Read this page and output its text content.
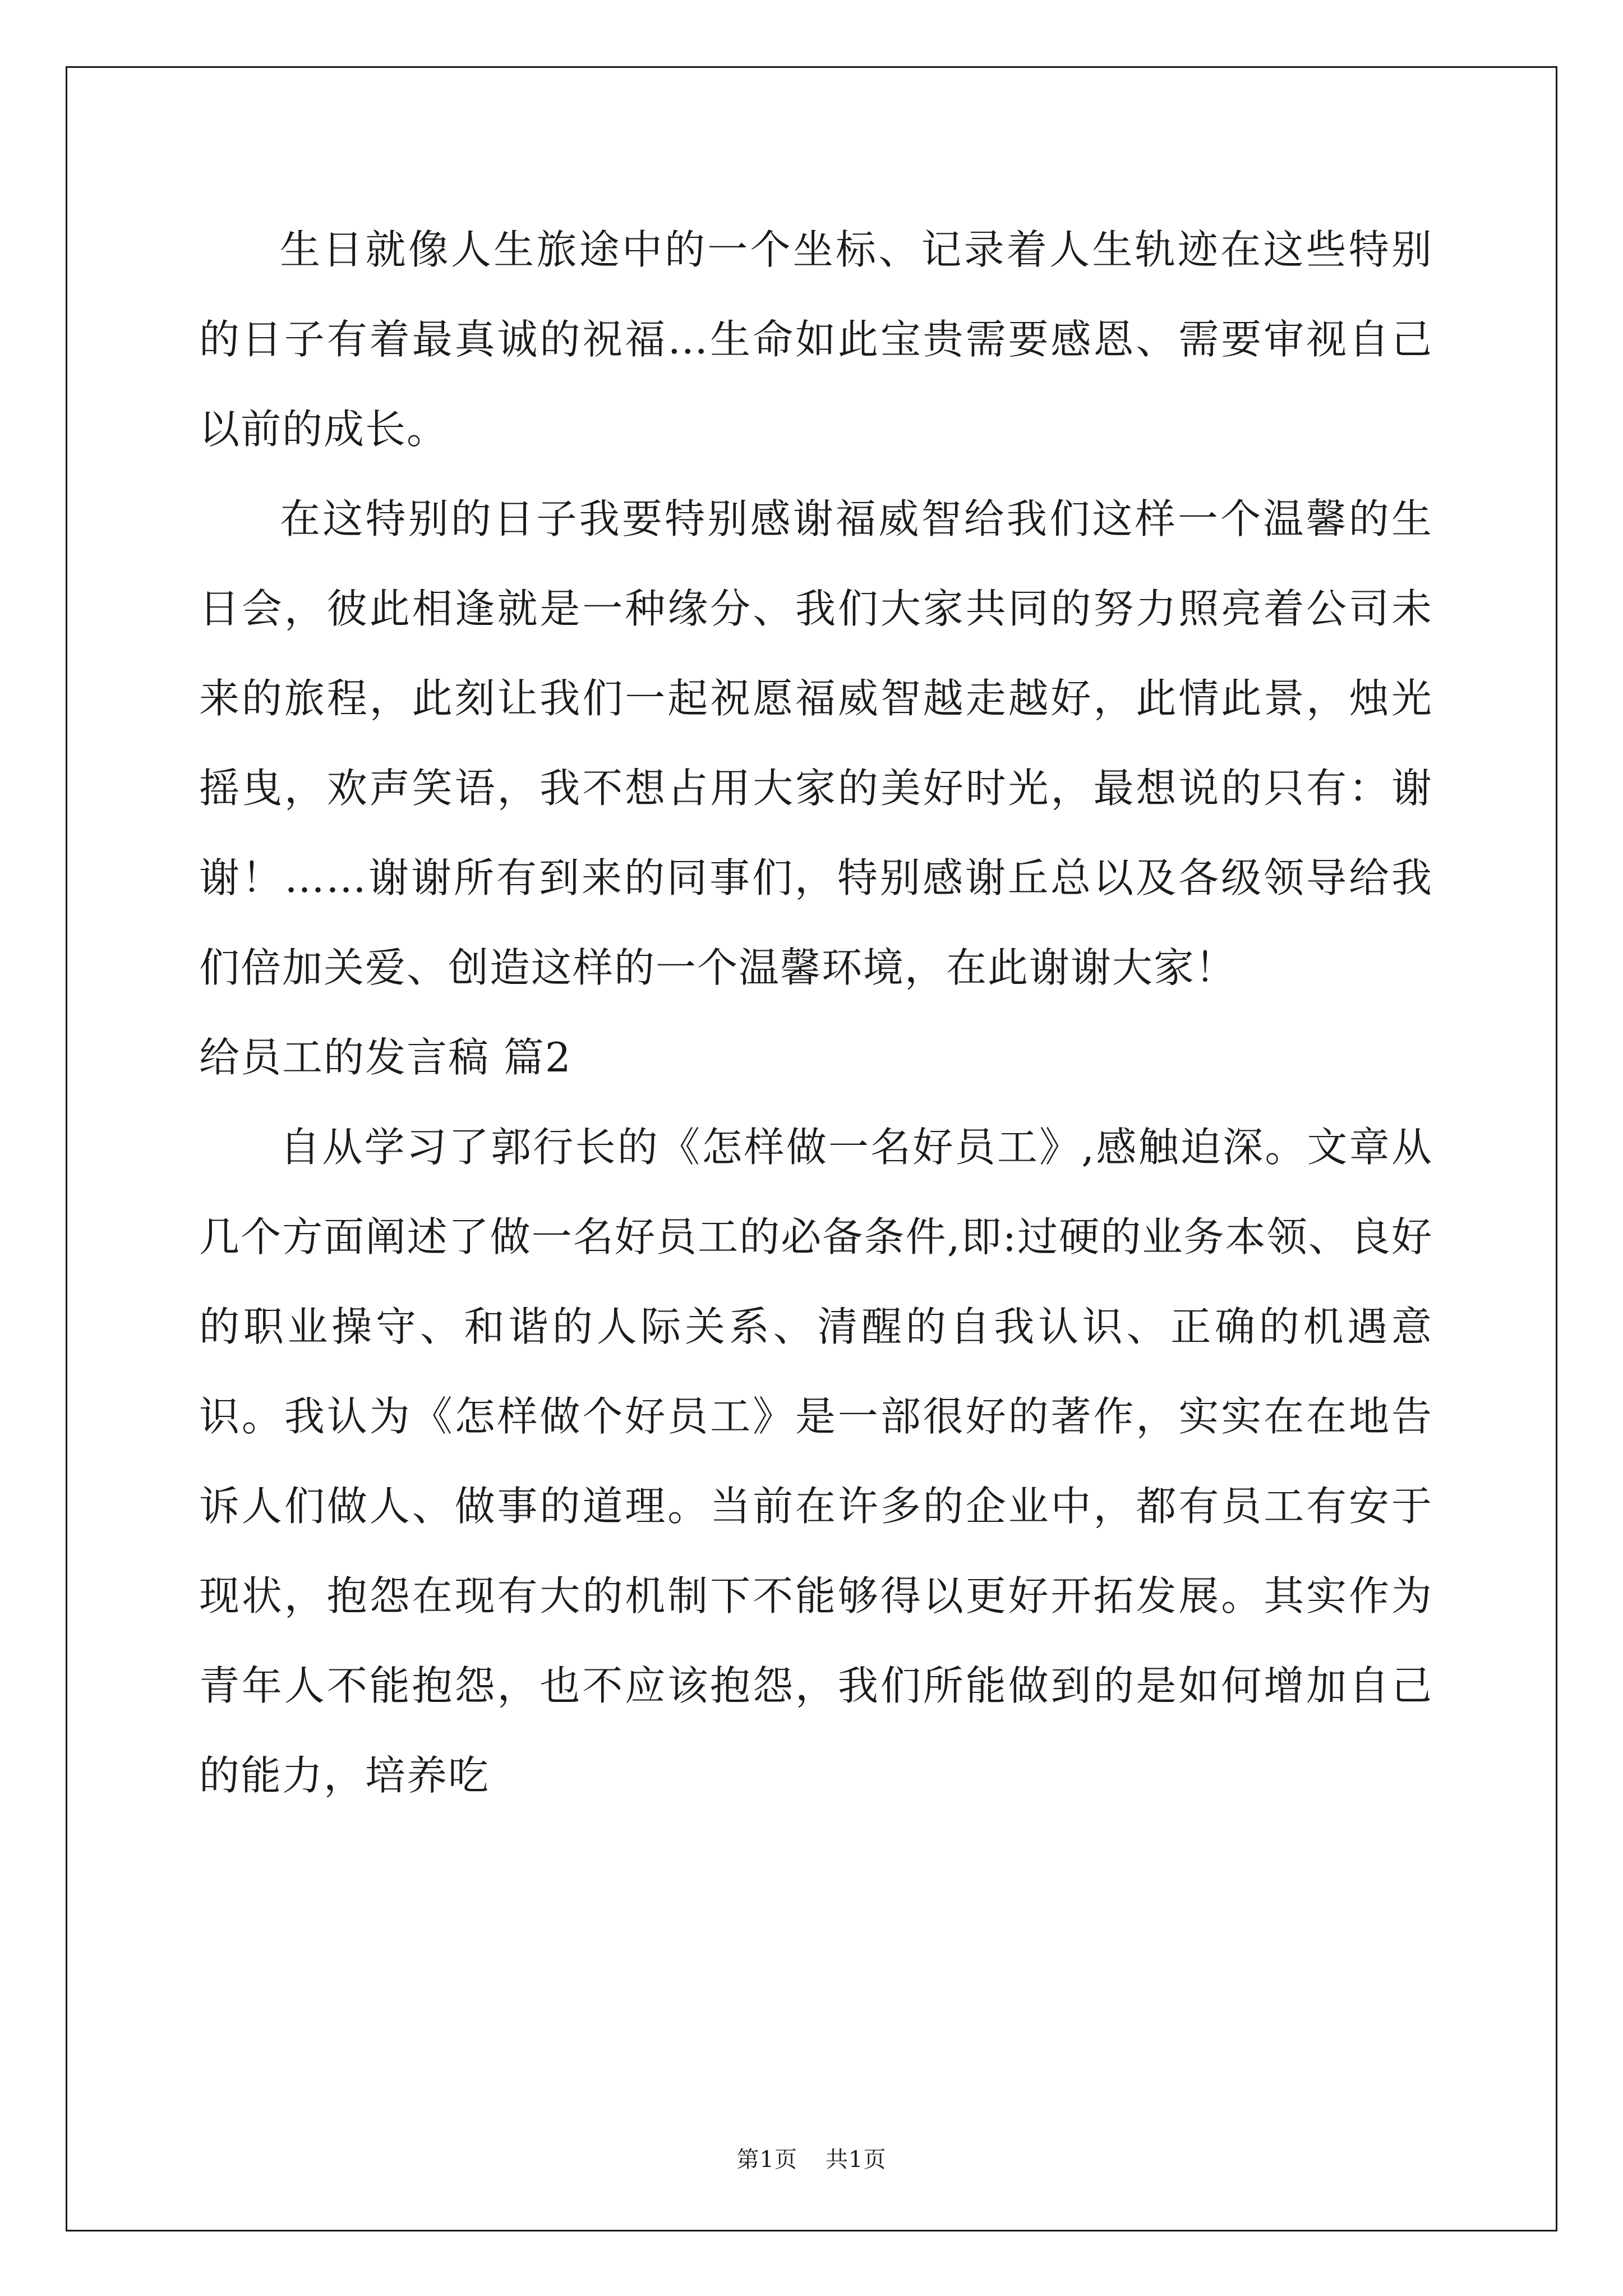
生日就像人生旅途中的一个坐标、记录着人生轨迹在这些特别的日子有着最真诚的祝福…生命如此宝贵需要感恩、需要审视自己以前的成长。

在这特别的日子我要特别感谢福威智给我们这样一个温馨的生日会，彼此相逢就是一种缘分、我们大家共同的努力照亮着公司未来的旅程，此刻让我们一起祝愿福威智越走越好，此情此景，烛光摇曳，欢声笑语，我不想占用大家的美好时光，最想说的只有：谢谢！……谢谢所有到来的同事们，特别感谢丘总以及各级领导给我们倍加关爱、创造这样的一个温馨环境，在此谢谢大家！

给员工的发言稿 篇2

自从学习了郭行长的《怎样做一名好员工》,感触迫深。文章从几个方面阐述了做一名好员工的必备条件,即:过硬的业务本领、良好的职业操守、和谐的人际关系、清醒的自我认识、正确的机遇意识。我认为《怎样做个好员工》是一部很好的著作，实实在在地告诉人们做人、做事的道理。当前在许多的企业中，都有员工有安于现状，抱怨在现有大的机制下不能够得以更好开拓发展。其实作为青年人不能抱怨，也不应该抱怨，我们所能做到的是如何增加自己的能力，培养吃

第1页 共1页
